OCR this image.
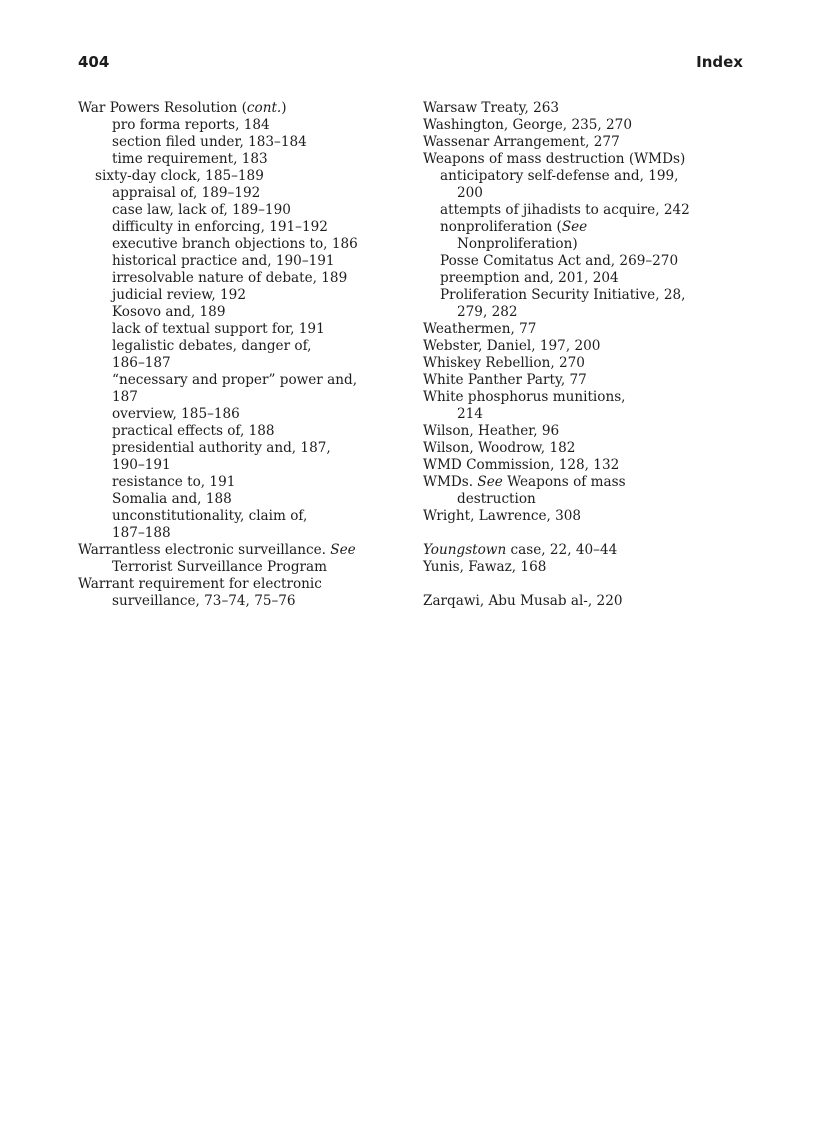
404	Index
War Powers Resolution (cont.)
pro forma reports, 184
section filed under, 183–184
time requirement, 183
sixty-day clock, 185–189
appraisal of, 189–192
case law, lack of, 189–190
difficulty in enforcing, 191–192
executive branch objections to, 186
historical practice and, 190–191
irresolvable nature of debate, 189
judicial review, 192
Kosovo and, 189
lack of textual support for, 191
legalistic debates, danger of,
186–187
“necessary and proper” power and,
187
overview, 185–186
practical effects of, 188
presidential authority and, 187,
190–191
resistance to, 191
Somalia and, 188
unconstitutionality, claim of,
187–188
Warrantless electronic surveillance. See
Terrorist Surveillance Program
Warrant requirement for electronic
surveillance, 73–74, 75–76
Warsaw Treaty, 263
Washington, George, 235, 270
Wassenar Arrangement, 277
Weapons of mass destruction (WMDs)
anticipatory self-defense and, 199,
200
attempts of jihadists to acquire, 242
nonproliferation (See
Nonproliferation)
Posse Comitatus Act and, 269–270
preemption and, 201, 204
Proliferation Security Initiative, 28,
279, 282
Weathermen, 77
Webster, Daniel, 197, 200
Whiskey Rebellion, 270
White Panther Party, 77
White phosphorus munitions,
214
Wilson, Heather, 96
Wilson, Woodrow, 182
WMD Commission, 128, 132
WMDs. See Weapons of mass
destruction
Wright, Lawrence, 308
Youngstown case, 22, 40–44
Yunis, Fawaz, 168
Zarqawi, Abu Musab al-, 220
